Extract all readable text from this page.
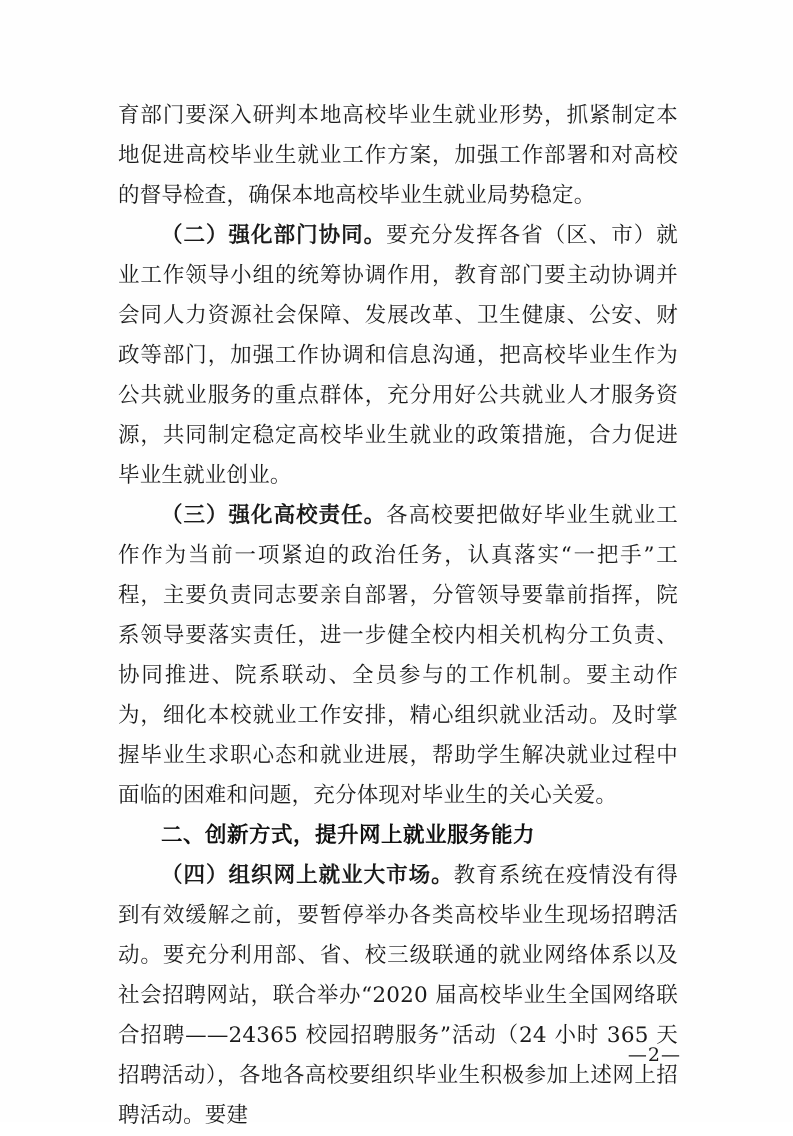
育部门要深入研判本地高校毕业生就业形势，抓紧制定本地促进高校毕业生就业工作方案，加强工作部署和对高校的督导检查，确保本地高校毕业生就业局势稳定。

（二）强化部门协同。要充分发挥各省（区、市）就业工作领导小组的统筹协调作用，教育部门要主动协调并会同人力资源社会保障、发展改革、卫生健康、公安、财政等部门，加强工作协调和信息沟通，把高校毕业生作为公共就业服务的重点群体，充分用好公共就业人才服务资源，共同制定稳定高校毕业生就业的政策措施，合力促进毕业生就业创业。

（三）强化高校责任。各高校要把做好毕业生就业工作作为当前一项紧迫的政治任务，认真落实“一把手”工程，主要负责同志要亲自部署，分管领导要靠前指挥，院系领导要落实责任，进一步健全校内相关机构分工负责、协同推进、院系联动、全员参与的工作机制。要主动作为，细化本校就业工作安排，精心组织就业活动。及时掌握毕业生求职心态和就业进展，帮助学生解决就业过程中面临的困难和问题，充分体现对毕业生的关心关爱。

二、创新方式，提升网上就业服务能力

（四）组织网上就业大市场。教育系统在疫情没有得到有效缓解之前，要暂停举办各类高校毕业生现场招聘活动。要充分利用部、省、校三级联通的就业网络体系以及社会招聘网站，联合举办“2020 届高校毕业生全国网络联合招聘——24365 校园招聘服务”活动（24 小时 365 天招聘活动），各地各高校要组织毕业生积极参加上述网上招聘活动。要建

—2—
